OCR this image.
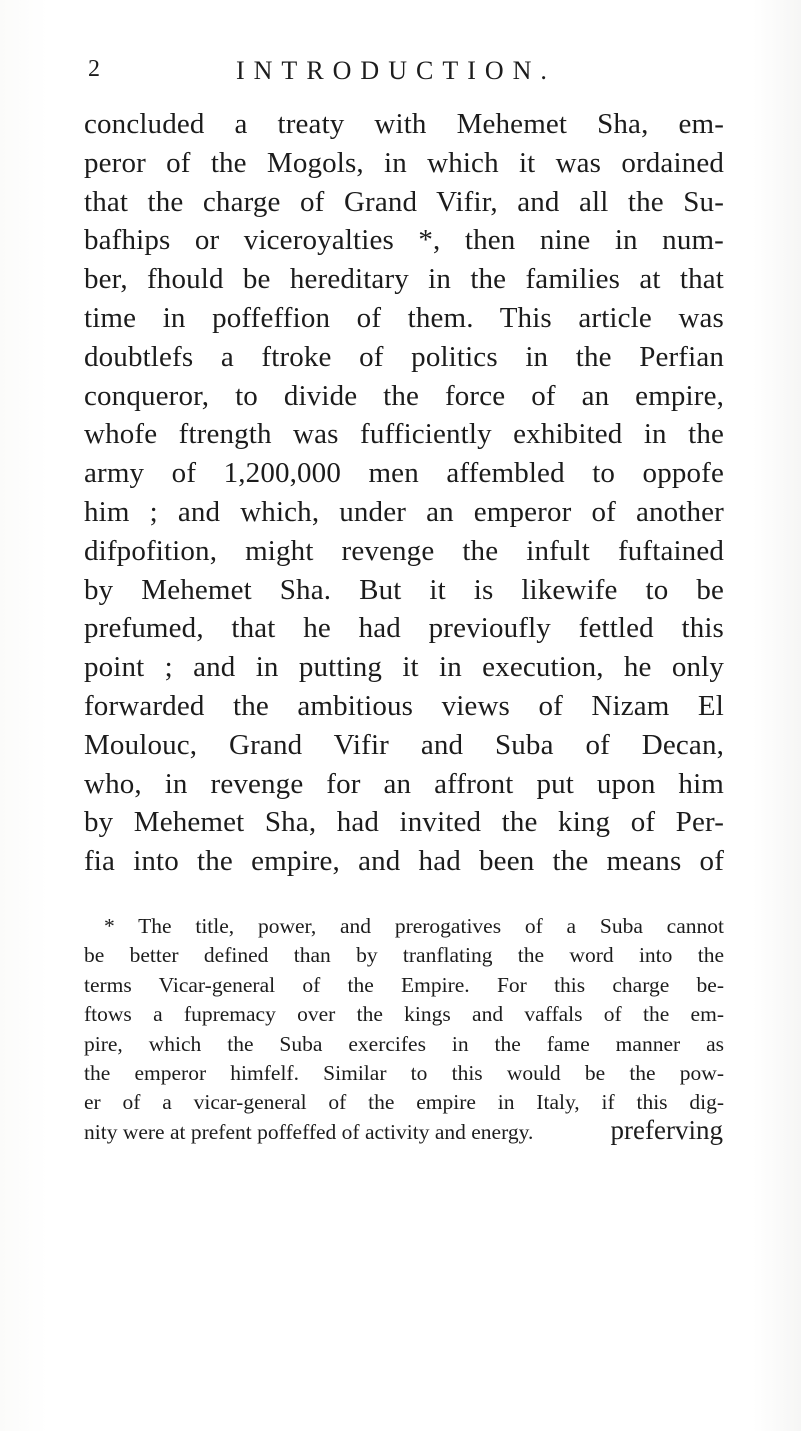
2	INTRODUCTION.
concluded a treaty with Mehemet Sha, em-
peror of the Mogols, in which it was ordained
that the charge of Grand Vifir, and all the Su-
bafhips or viceroyalties *, then nine in num-
ber, fhould be hereditary in the families at that
time in poffeffion of them. This article was
doubtlefs a ftroke of politics in the Perfian
conqueror, to divide the force of an empire,
whofe ftrength was fufficiently exhibited in the
army of 1,200,000 men affembled to oppofe
him ; and which, under an emperor of another
difpofition, might revenge the infult fuftained
by Mehemet Sha. But it is likewife to be
prefumed, that he had previoufly fettled this
point ; and in putting it in execution, he only
forwarded the ambitious views of Nizam El
Moulouc, Grand Vifir and Suba of Decan,
who, in revenge for an affront put upon him
by Mehemet Sha, had invited the king of Per-
fia into the empire, and had been the means of
* The title, power, and prerogatives of a Suba cannot
be better defined than by tranflating the word into the
terms Vicar-general of the Empire. For this charge be-
ftows a fupremacy over the kings and vaffals of the em-
pire, which the Suba exercifes in the fame manner as
the emperor himfelf. Similar to this would be the pow-
er of a vicar-general of the empire in Italy, if this dig-
nity were at prefent poffeffed of activity and energy.	preferving
